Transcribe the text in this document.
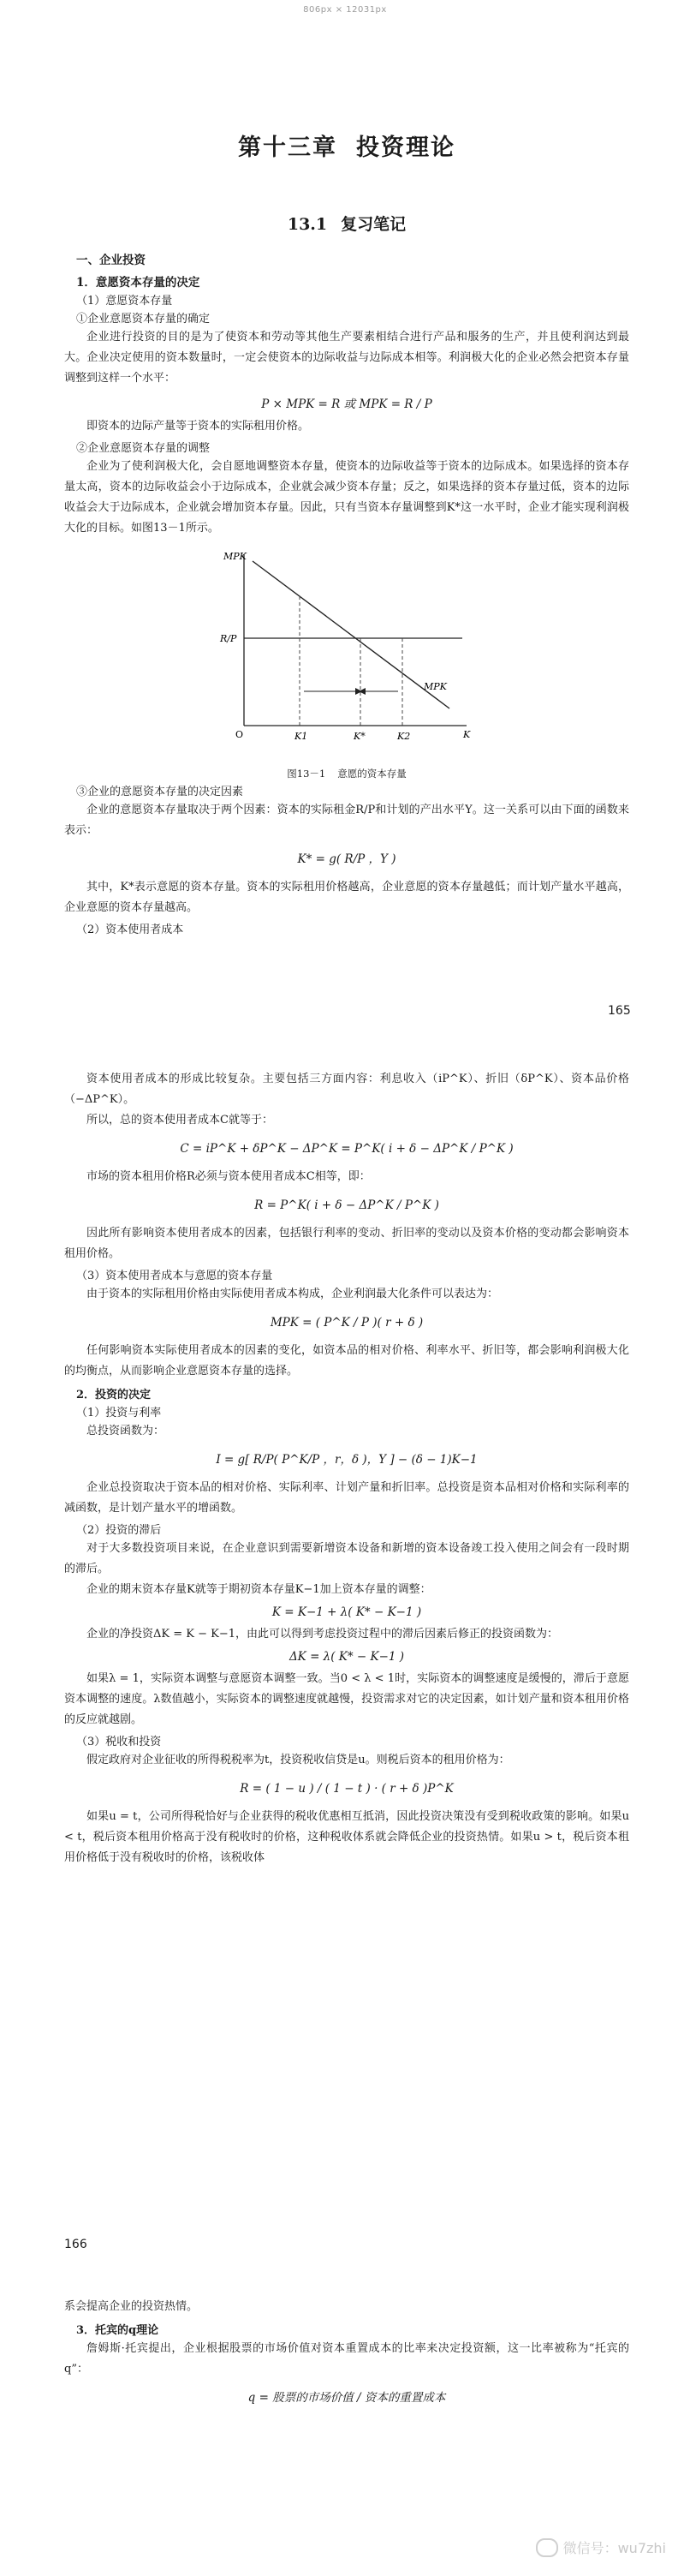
806px × 12031px
第十三章 投资理论
13.1 复习笔记
一、企业投资
1．意愿资本存量的决定
（1）意愿资本存量
①企业意愿资本存量的确定

企业进行投资的目的是为了使资本和劳动等其他生产要素相结合进行产品和服务的生产，并且使利润达到最大。企业决定使用的资本数量时，一定会使资本的边际收益与边际成本相等。利润极大化的企业必然会把资本存量调整到这样一个水平：

P × MPK = R 或 MPK = R / P

即资本的边际产量等于资本的实际租用价格。

②企业意愿资本存量的调整

企业为了使利润极大化，会自愿地调整资本存量，使资本的边际收益等于资本的边际成本。如果选择的资本存量太高，资本的边际收益会小于边际成本，企业就会减少资本存量；反之，如果选择的资本存量过低，资本的边际收益会大于边际成本，企业就会增加资本存量。因此，只有当资本存量调整到K*这一水平时，企业才能实现利润极大化的目标。如图13－1所示。

MPK
R/P
MPK
O	K
K1	K*	K2
图13－1 意愿的资本存量
③企业的意愿资本存量的决定因素

企业的意愿资本存量取决于两个因素：资本的实际租金R/P和计划的产出水平Y。这一关系可以由下面的函数来表示：

K* = g( R/P ，Y )

其中，K*表示意愿的资本存量。资本的实际租用价格越高，企业意愿的资本存量越低；而计划产量水平越高，企业意愿的资本存量越高。

（2）资本使用者成本
165

资本使用者成本的形成比较复杂。主要包括三方面内容：利息收入（iP^K）、折旧（δP^K）、资本品价格（−ΔP^K）。

所以，总的资本使用者成本C就等于：

C = iP^K + δP^K − ΔP^K = P^K( i + δ − ΔP^K / P^K )

市场的资本租用价格R必须与资本使用者成本C相等，即：

R = P^K( i + δ − ΔP^K / P^K )

因此所有影响资本使用者成本的因素，包括银行利率的变动、折旧率的变动以及资本价格的变动都会影响资本租用价格。

（3）资本使用者成本与意愿的资本存量

由于资本的实际租用价格由实际使用者成本构成，企业利润最大化条件可以表达为：

MPK = ( P^K / P )( r + δ )

任何影响资本实际使用者成本的因素的变化，如资本品的相对价格、利率水平、折旧等，都会影响利润极大化的均衡点，从而影响企业意愿资本存量的选择。

2．投资的决定
（1）投资与利率

总投资函数为：

I = g[ R/P( P^K/P ，r，δ )，Y ] − (δ − 1)K−1

企业总投资取决于资本品的相对价格、实际利率、计划产量和折旧率。总投资是资本品相对价格和实际利率的减函数，是计划产量水平的增函数。

（2）投资的滞后

对于大多数投资项目来说，在企业意识到需要新增资本设备和新增的资本设备竣工投入使用之间会有一段时期的滞后。

企业的期末资本存量K就等于期初资本存量K−1加上资本存量的调整：

K = K−1 + λ( K* − K−1 )

企业的净投资ΔK = K − K−1，由此可以得到考虑投资过程中的滞后因素后修正的投资函数为：

ΔK = λ( K* − K−1 )

如果λ = 1，实际资本调整与意愿资本调整一致。当0 < λ < 1时，实际资本的调整速度是缓慢的，滞后于意愿资本调整的速度。λ数值越小，实际资本的调整速度就越慢，投资需求对它的决定因素，如计划产量和资本租用价格的反应就越剧。

（3）税收和投资

假定政府对企业征收的所得税税率为t，投资税收信贷是u。则税后资本的租用价格为：

R = ( 1 − u ) / ( 1 − t ) · ( r + δ )P^K

如果u = t，公司所得税恰好与企业获得的税收优惠相互抵消，因此投资决策没有受到税收政策的影响。如果u < t，税后资本租用价格高于没有税收时的价格，这种税收体系就会降低企业的投资热情。如果u > t，税后资本租用价格低于没有税收时的价格，该税收体

166

系会提高企业的投资热情。

3．托宾的q理论

詹姆斯·托宾提出，企业根据股票的市场价值对资本重置成本的比率来决定投资额，这一比率被称为“托宾的q”：

q = 股票的市场价值 / 资本的重置成本
微信号：wu7zhi
